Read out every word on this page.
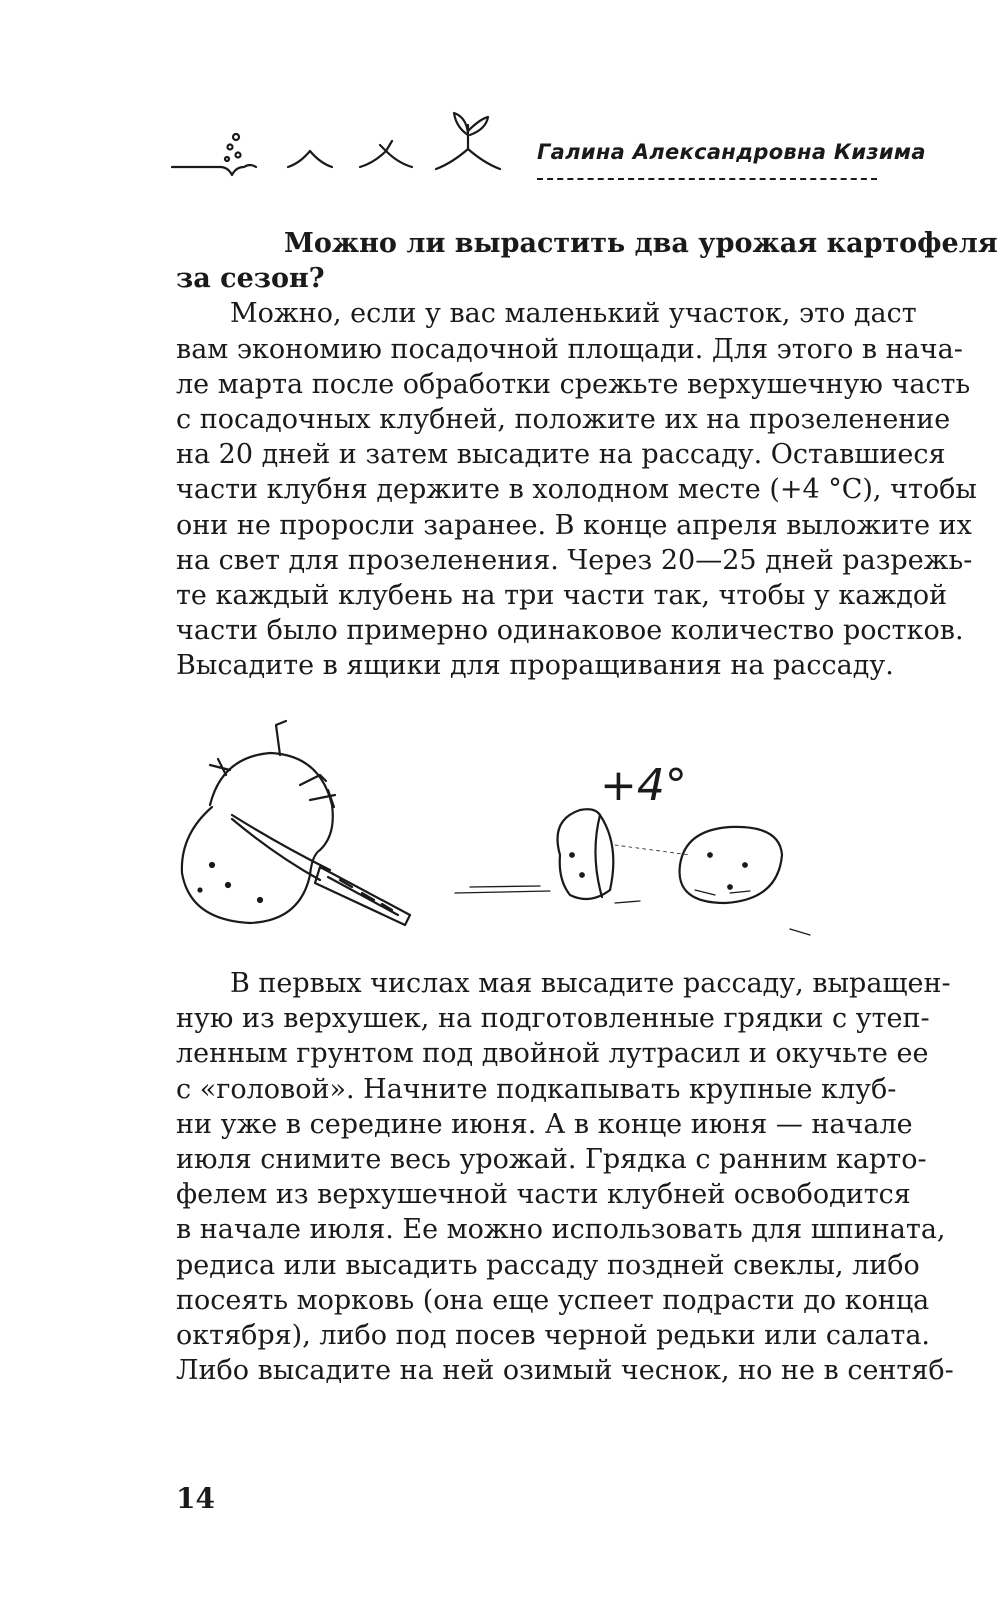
Галина Александровна Кизима
Можно ли вырастить два урожая картофеля
за сезон?
Можно, если у вас маленький участок, это даст
вам экономию посадочной площади. Для этого в нача-
ле марта после обработки срежьте верхушечную часть
с посадочных клубней, положите их на прозеленение
на 20 дней и затем высадите на рассаду. Оставшиеся
части клубня держите в холодном месте (+4 °С), чтобы
они не проросли заранее. В конце апреля выложите их
на свет для прозеленения. Через 20—25 дней разрежь-
те каждый клубень на три части так, чтобы у каждой
части было примерно одинаковое количество ростков.
Высадите в ящики для проращивания на рассаду.
+4°
В первых числах мая высадите рассаду, выращен-
ную из верхушек, на подготовленные грядки с утеп-
ленным грунтом под двойной лутрасил и окучьте ее
с «головой». Начните подкапывать крупные клуб-
ни уже в середине июня. А в конце июня — начале
июля снимите весь урожай. Грядка с ранним карто-
фелем из верхушечной части клубней освободится
в начале июля. Ее можно использовать для шпината,
редиса или высадить рассаду поздней свеклы, либо
посеять морковь (она еще успеет подрасти до конца
октября), либо под посев черной редьки или салата.
Либо высадите на ней озимый чеснок, но не в сентяб-
14
